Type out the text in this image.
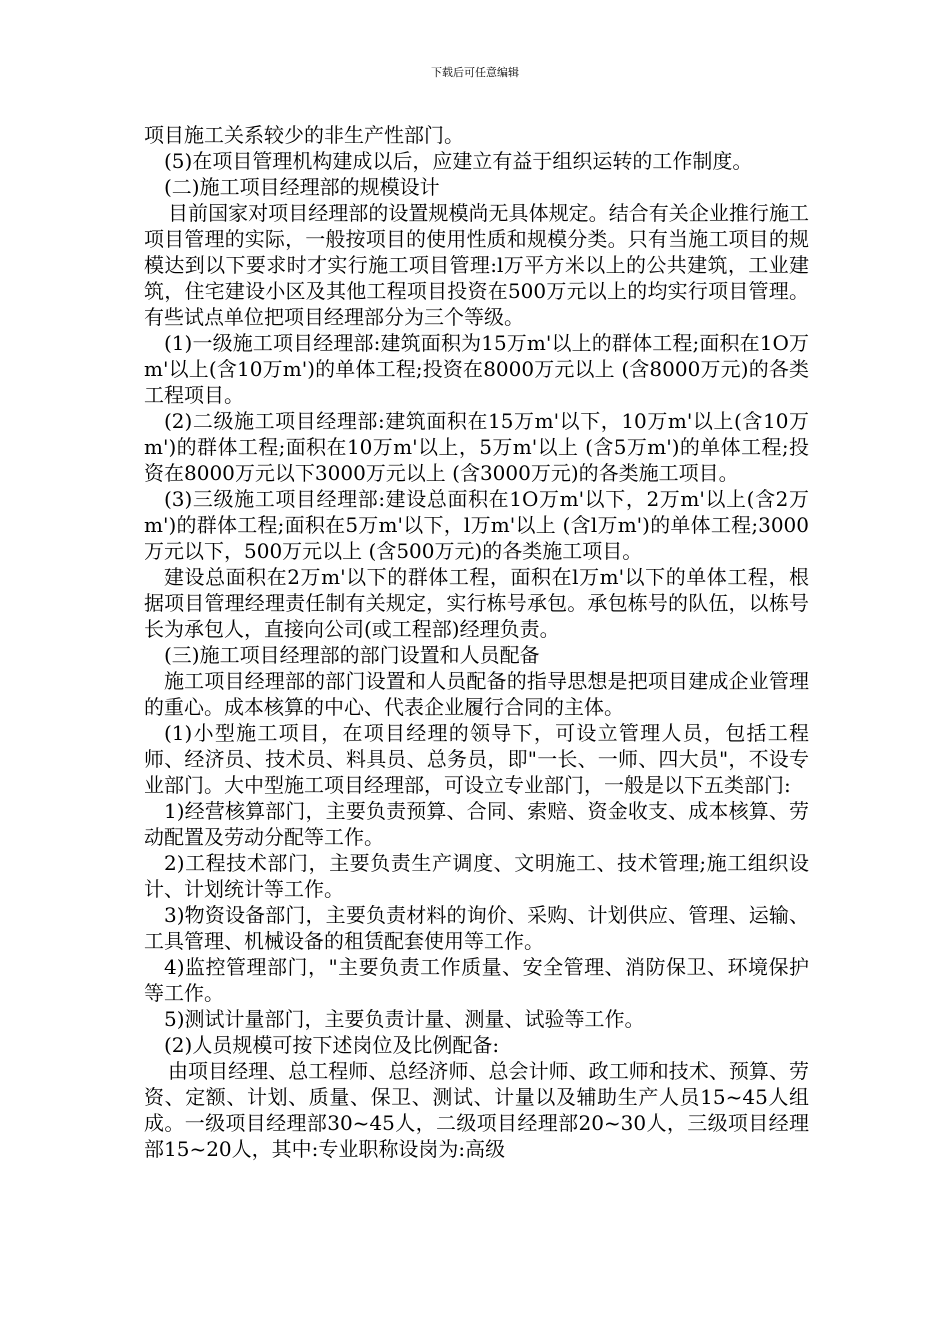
下载后可任意编辑

项目施工关系较少的非生产性部门。

(5)在项目管理机构建成以后，应建立有益于组织运转的工作制度。

(二)施工项目经理部的规模设计

目前国家对项目经理部的设置规模尚无具体规定。结合有关企业推行施工项目管理的实际，一般按项目的使用性质和规模分类。只有当施工项目的规模达到以下要求时才实行施工项目管理:l万平方米以上的公共建筑，工业建筑，住宅建设小区及其他工程项目投资在500万元以上的均实行项目管理。有些试点单位把项目经理部分为三个等级。

(1)一级施工项目经理部:建筑面积为15万m'以上的群体工程;面积在1O万m'以上(含10万m')的单体工程;投资在8000万元以上 (含8000万元)的各类工程项目。

(2)二级施工项目经理部:建筑面积在15万m'以下，10万m'以上(含10万m')的群体工程;面积在10万m'以上，5万m'以上 (含5万m')的单体工程;投资在8000万元以下3000万元以上 (含3000万元)的各类施工项目。

(3)三级施工项目经理部:建设总面积在1O万m'以下，2万m'以上(含2万m')的群体工程;面积在5万m'以下，l万m'以上 (含l万m')的单体工程;3000万元以下，500万元以上 (含500万元)的各类施工项目。

建设总面积在2万m'以下的群体工程，面积在l万m'以下的单体工程，根据项目管理经理责任制有关规定，实行栋号承包。承包栋号的队伍，以栋号长为承包人，直接向公司(或工程部)经理负责。

(三)施工项目经理部的部门设置和人员配备

施工项目经理部的部门设置和人员配备的指导思想是把项目建成企业管理的重心。成本核算的中心、代表企业履行合同的主体。

(1)小型施工项目，在项目经理的领导下，可设立管理人员，包括工程师、经济员、技术员、料具员、总务员，即"一长、一师、四大员"，不设专业部门。大中型施工项目经理部，可设立专业部门，一般是以下五类部门:

1)经营核算部门，主要负责预算、合同、索赔、资金收支、成本核算、劳动配置及劳动分配等工作。

2)工程技术部门，主要负责生产调度、文明施工、技术管理;施工组织设计、计划统计等工作。

3)物资设备部门，主要负责材料的询价、采购、计划供应、管理、运输、工具管理、机械设备的租赁配套使用等工作。

4)监控管理部门，"主要负责工作质量、安全管理、消防保卫、环境保护等工作。

5)测试计量部门，主要负责计量、测量、试验等工作。

(2)人员规模可按下述岗位及比例配备:

由项目经理、总工程师、总经济师、总会计师、政工师和技术、预算、劳资、定额、计划、质量、保卫、测试、计量以及辅助生产人员15~45人组成。一级项目经理部30~45人，二级项目经理部20~30人，三级项目经理部15~20人，其中:专业职称设岗为:高级
